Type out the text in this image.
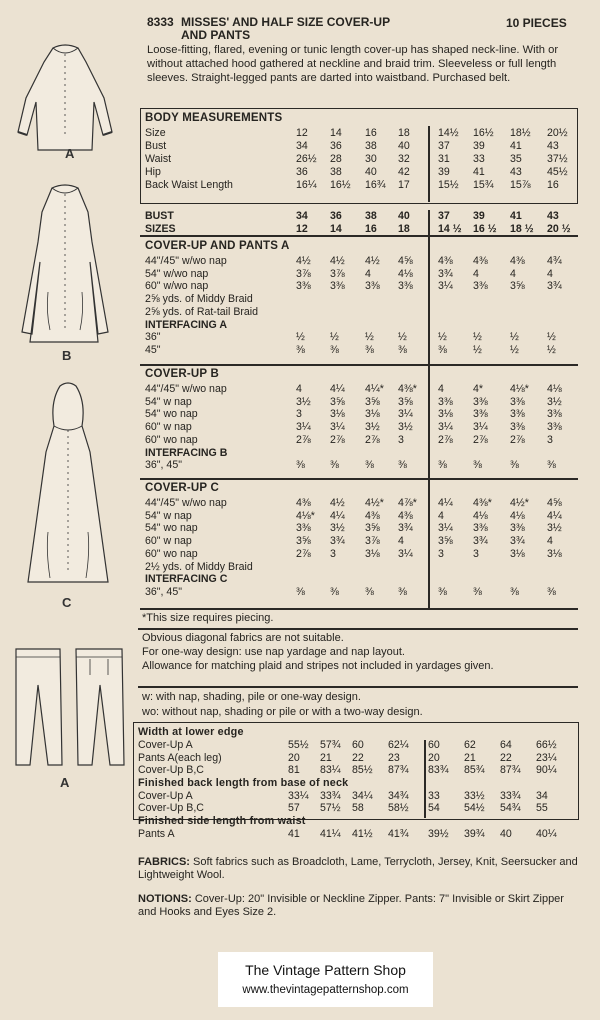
A
B
C
A
8333 MISSES' AND HALF SIZE COVER-UP
AND PANTS
10 PIECES
Loose-fitting, flared, evening or tunic length cover-up has shaped neck-line. With or without attached hood gathered at neckline and braid trim. Sleeveless or full length sleeves. Straight-legged pants are darted into waistband. Purchased belt.
BODY MEASUREMENTS
Size	12	14	16	18	14½	16½	18½	20½
Bust	34	36	38	40	37	39	41	43
Waist	26½	28	30	32	31	33	35	37½
Hip	36	38	40	42	39	41	43	45½
Back Waist Length	16¼	16½	16¾	17	15½	15¾	15⅞	16
BUST	34	36	38	40	37	39	41	43
SIZES	12	14	16	18	14 ½	16 ½	18 ½	20 ½
COVER-UP AND PANTS A
44"/45" w/wo nap	4½	4½	4½	4⅝	4⅜	4⅜	4⅜	4¾
54" w/wo nap	3⅞	3⅞	4	4⅛	3¾	4	4	4
60" w/wo nap	3⅜	3⅜	3⅜	3⅜	3¼	3⅜	3⅝	3¾
2⅝ yds. of Middy Braid
2⅝ yds. of Rat-tail Braid
INTERFACING A
36"	½	½	½	½	½	½	½	½
45"	⅜	⅜	⅜	⅜	⅜	½	½	½
COVER-UP B
44"/45" w/wo nap	4	4¼	4¼*	4⅜*	4	4*	4⅛*	4⅛
54" w nap	3½	3⅝	3⅝	3⅝	3⅜	3⅜	3⅜	3½
54" wo nap	3	3⅛	3⅛	3¼	3⅛	3⅜	3⅜	3⅜
60" w nap	3¼	3¼	3½	3½	3¼	3¼	3⅜	3⅜
60" wo nap	2⅞	2⅞	2⅞	3	2⅞	2⅞	2⅞	3
INTERFACING B
36", 45"	⅜	⅜	⅜	⅜	⅜	⅜	⅜	⅜
COVER-UP C
44"/45" w/wo nap	4⅜	4½	4½*	4⅞*	4¼	4⅜*	4½*	4⅝
54" w nap	4⅛*	4¼	4⅜	4⅜	4	4⅛	4⅛	4¼
54" wo nap	3⅜	3½	3⅝	3¾	3¼	3⅜	3⅜	3½
60" w nap	3⅝	3¾	3⅞	4	3⅝	3¾	3¾	4
60" wo nap	2⅞	3	3⅛	3¼	3	3	3⅛	3⅛
2½ yds. of Middy Braid
INTERFACING C
36", 45"	⅜	⅜	⅜	⅜	⅜	⅜	⅜	⅜
*This size requires piecing.
Obvious diagonal fabrics are not suitable.
For one-way design: use nap yardage and nap layout.
Allowance for matching plaid and stripes not included in yardages given.
w: with nap, shading, pile or one-way design.
wo: without nap, shading or pile or with a two-way design.
Width at lower edge
Cover-Up A	55½	57¾	60	62¼	60	62	64	66½
Pants A(each leg)	20	21	22	23	20	21	22	23¼
Cover-Up B,C	81	83¼	85½	87¾	83¾	85¾	87¾	90¼
Finished back length from base of neck
Cover-Up A	33¼	33¾	34¼	34¾	33	33½	33¾	34
Cover-Up B,C	57	57½	58	58½	54	54½	54¾	55
Finished side length from waist
Pants A	41	41¼	41½	41¾	39½	39¾	40	40¼
FABRICS: Soft fabrics such as Broadcloth, Lame, Terrycloth, Jersey, Knit, Seersucker and Lightweight Wool.
NOTIONS: Cover-Up: 20" Invisible or Neckline Zipper. Pants: 7" Invisible or Skirt Zipper and Hooks and Eyes Size 2.
The Vintage Pattern Shop
www.thevintagepatternshop.com
